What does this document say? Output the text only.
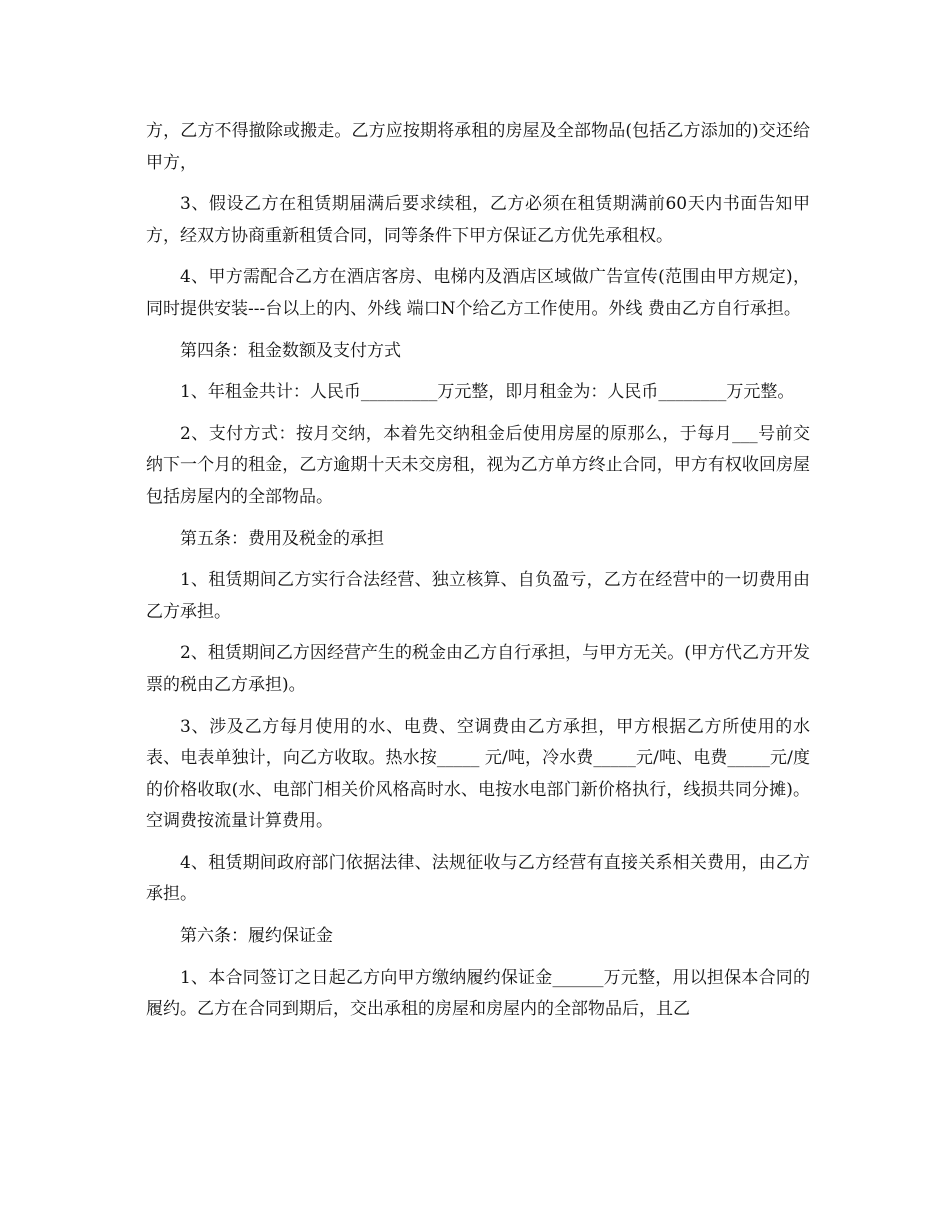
方，乙方不得撤除或搬走。乙方应按期将承租的房屋及全部物品(包括乙方添加的)交还给甲方，

3、假设乙方在租赁期届满后要求续租，乙方必须在租赁期满前60天内书面告知甲方，经双方协商重新租赁合同，同等条件下甲方保证乙方优先承租权。

4、甲方需配合乙方在酒店客房、电梯内及酒店区域做广告宣传(范围由甲方规定)，同时提供安装---台以上的内、外线 端口N个给乙方工作使用。外线 费由乙方自行承担。

第四条：租金数额及支付方式

1、年租金共计：人民币_________万元整，即月租金为：人民币________万元整。

2、支付方式：按月交纳，本着先交纳租金后使用房屋的原那么，于每月___号前交纳下一个月的租金，乙方逾期十天未交房租，视为乙方单方终止合同，甲方有权收回房屋包括房屋内的全部物品。

第五条：费用及税金的承担

1、租赁期间乙方实行合法经营、独立核算、自负盈亏，乙方在经营中的一切费用由乙方承担。

2、租赁期间乙方因经营产生的税金由乙方自行承担，与甲方无关。(甲方代乙方开发票的税由乙方承担)。

3、涉及乙方每月使用的水、电费、空调费由乙方承担，甲方根据乙方所使用的水表、电表单独计，向乙方收取。热水按_____ 元/吨，冷水费_____元/吨、电费_____元/度的价格收取(水、电部门相关价风格高时水、电按水电部门新价格执行，线损共同分摊)。空调费按流量计算费用。

4、租赁期间政府部门依据法律、法规征收与乙方经营有直接关系相关费用，由乙方承担。

第六条：履约保证金

1、本合同签订之日起乙方向甲方缴纳履约保证金______万元整，用以担保本合同的履约。乙方在合同到期后，交出承租的房屋和房屋内的全部物品后，且乙
